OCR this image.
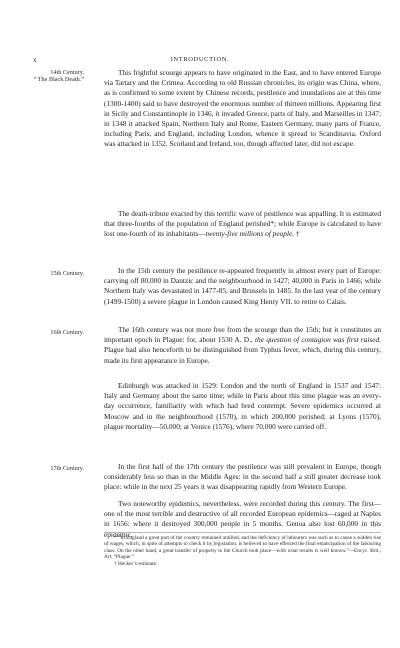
x	INTRODUCTION.
14th Century.
“ The Black Death.”
15th Century.
16th Century.
17th Century.

This frightful scourge appears to have originated in the East, and to have entered Europe via Tartary and the Crimea. According to old Russian chronicles, its origin was China, where, as is confirmed to some extent by Chinese records, pestilence and inundations are at this time (1300-1400) said to have destroyed the enormous number of thirteen millions. Appearing first in Sicily and Constantinople in 1346, it invaded Greece, parts of Italy, and Marseilles in 1347; in 1348 it attacked Spain, Northern Italy and Rome, Eastern Germany, many parts of France, including Paris, and England, including London, whence it spread to Scandinavia. Oxford was attacked in 1352. Scotland and Ireland, too, though affected later, did not escape.

The death-tribute exacted by this terrific wave of pestilence was appalling. It is estimated that three-fourths of the population of England perished*; while Europe is calculated to have lost one-fourth of its inhabitants—twenty-five millions of people. †

In the 15th century the pestilence re-appeared frequently in almost every part of Europe: carrying off 80,000 in Dantzic and the neighbourhood in 1427; 40,000 in Paris in 1466; while Northern Italy was devastated in 1477-85, and Brussels in 1485. In the last year of the century (1499-1500) a severe plague in London caused King Henry VII. to retire to Calais.

The 16th century was not more free from the scourge than the 15th; but it constitutes an important epoch in Plague: for, about 1530 A. D., the question of contagion was first raised. Plague had also henceforth to be distinguished from Typhus fever, which, during this century, made its first appearance in Europe.

Edinburgh was attacked in 1529: London and the north of England in 1537 and 1547: Italy and Germany about the same time; while in Paris about this time plague was an every-day occurrence, familiarity with which had bred contempt. Severe epidemics occurred at Moscow and in the neighbourhood (1570), in which 200,000 perished; at Lyons (1570), plague mortality—50,000; at Venice (1576), where 70,000 were carried off.

In the first half of the 17th century the pestilence was still prevalent in Europe, though considerably less so than in the Middle Ages: in the second half a still greater decrease took place: while in the next 25 years it was disappearing rapidly from Western Europe.

Two noteworthy epidemics, nevertheless, were recorded during this century. The first—one of the most terrible and destructive of all recorded European epidemics—raged at Naples in 1656: where it destroyed 300,000 people in 5 months. Genoa also lost 60,000 in this epidemic.

* “In England a great part of the country remained untilled, and the deficiency of labourers was such as to cause a sudden rise of wages, which, in spite of attempts to check it by legislation, is believed to have effected the final emancipation of the labouring class. On the other hand, a great transfer of property to the Church took place—with what results is well known.”—Encyc. Brit., Art. “Plague.”

† Hecker’s estimate.
